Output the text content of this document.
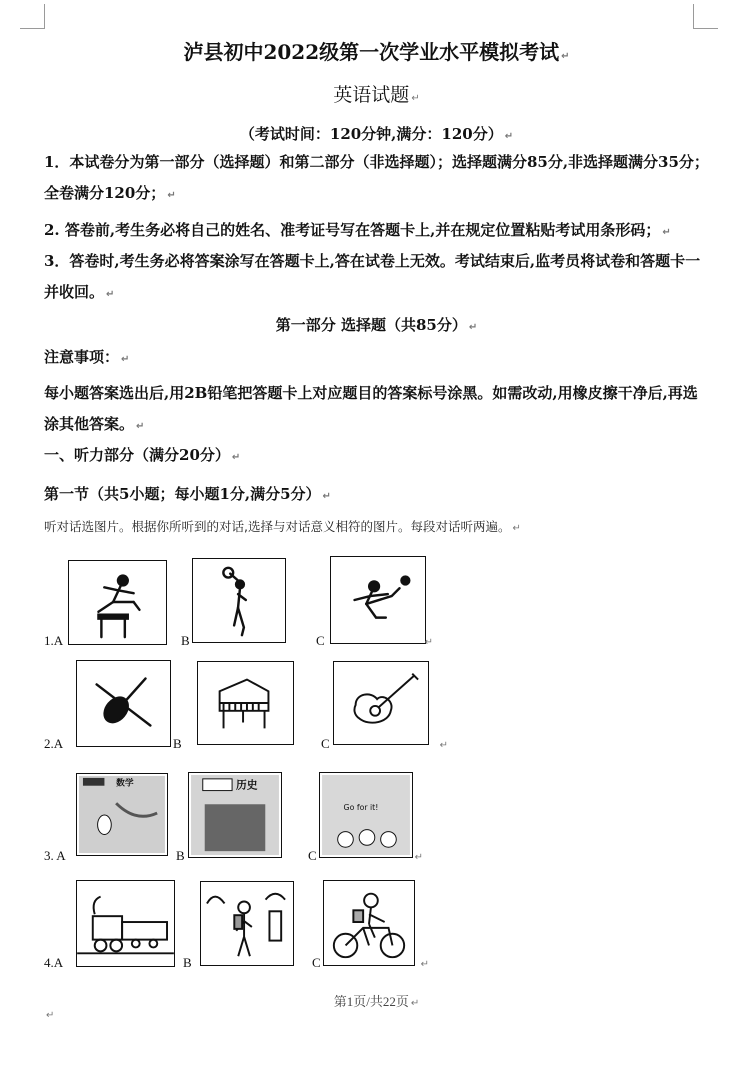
泸县初中2022级第一次学业水平模拟考试 ↵
英语试题 ↵
（考试时间：120分钟,满分：120分） ↵
1．本试卷分为第一部分（选择题）和第二部分（非选择题）；选择题满分85分,非选择题满分35分；全卷满分120分； ↵
2. 答卷前,考生务必将自己的姓名、准考证号写在答题卡上,并在规定位置粘贴考试用条形码； ↵
3．答卷时,考生务必将答案涂写在答题卡上,答在试卷上无效。考试结束后,监考员将试卷和答题卡一并收回。 ↵
第一部分 选择题（共85分） ↵
注意事项： ↵
每小题答案选出后,用2B铅笔把答题卡上对应题目的答案标号涂黑。如需改动,用橡皮擦干净后,再选涂其他答案。 ↵
一、听力部分（满分20分） ↵
第一节（共5小题；每小题1分,满分5分） ↵
听对话选图片。根据你所听到的对话,选择与对话意义相符的图片。每段对话听两遍。 ↵
1.A	B	C	↵
2.A	B	C	↵
数学	历史
Go for it!
3. A	B	C	↵
4.A	B	C	↵
第1页/共22页 ↵
↵
